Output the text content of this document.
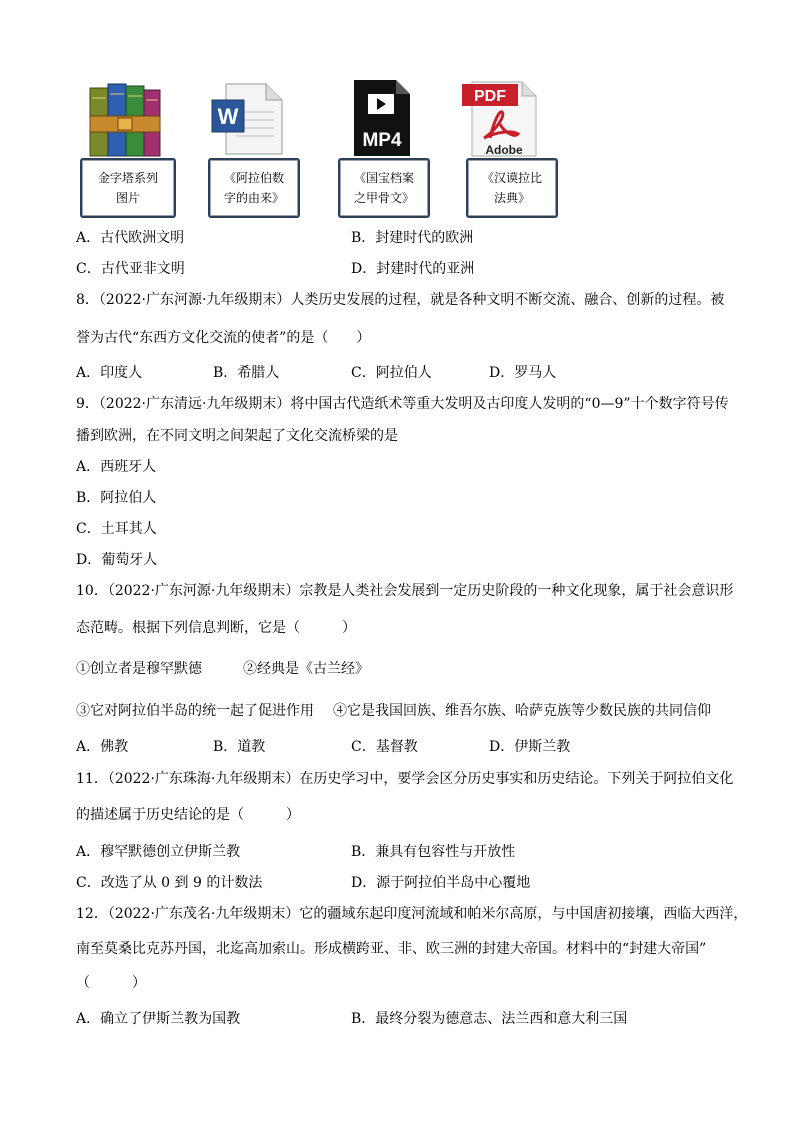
W
MP4
PDF
Adobe
金字塔系列
图片
《阿拉伯数
字的由来》
《国宝档案
之甲骨文》
《汉谟拉比
法典》
A．古代欧洲文明	B．封建时代的欧洲
C．古代亚非文明	D．封建时代的亚洲
8．（2022·广东河源·九年级期末）人类历史发展的过程，就是各种文明不断交流、融合、创新的过程。被
誉为古代“东西方文化交流的使者”的是（　　）
A．印度人	B．希腊人	C．阿拉伯人	D．罗马人
9．（2022·广东清远·九年级期末）将中国古代造纸术等重大发明及古印度人发明的“0—9”十个数字符号传
播到欧洲，在不同文明之间架起了文化交流桥梁的是
A．西班牙人
B．阿拉伯人
C．土耳其人
D．葡萄牙人
10．（2022·广东河源·九年级期末）宗教是人类社会发展到一定历史阶段的一种文化现象，属于社会意识形
态范畴。根据下列信息判断，它是（　　　）
①创立者是穆罕默德	②经典是《古兰经》
③它对阿拉伯半岛的统一起了促进作用 ④它是我国回族、维吾尔族、哈萨克族等少数民族的共同信仰
A．佛教	B．道教	C．基督教	D．伊斯兰教
11．（2022·广东珠海·九年级期末）在历史学习中，要学会区分历史事实和历史结论。下列关于阿拉伯文化
的描述属于历史结论的是（　　　）
A．穆罕默德创立伊斯兰教	B．兼具有包容性与开放性
C．改选了从 0 到 9 的计数法	D．源于阿拉伯半岛中心覆地
12．（2022·广东茂名·九年级期末）它的疆域东起印度河流域和帕米尔高原，与中国唐初接壤，西临大西洋，
南至莫桑比克苏丹国，北迄高加索山。形成横跨亚、非、欧三洲的封建大帝国。材料中的“封建大帝国”
（　　　）
A．确立了伊斯兰教为国教	B．最终分裂为德意志、法兰西和意大利三国
